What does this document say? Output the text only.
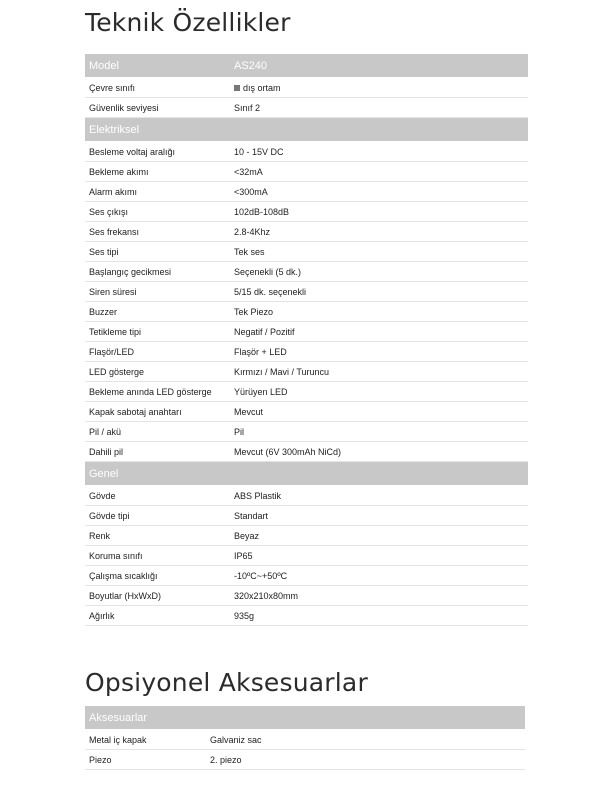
Teknik Özellikler
Model	AS240
Çevre sınıfı	dış ortam
Güvenlik seviyesi	Sınıf 2
Elektriksel	
Besleme voltaj aralığı	10 - 15V DC
Bekleme akımı	<32mA
Alarm akımı	<300mA
Ses çıkışı	102dB-108dB
Ses frekansı	2.8-4Khz
Ses tipi	Tek ses
Başlangıç gecikmesi	Seçenekli (5 dk.)
Siren süresi	5/15 dk. seçenekli
Buzzer	Tek Piezo
Tetikleme tipi	Negatif / Pozitif
Flaşör/LED	Flaşör + LED
LED gösterge	Kırmızı / Mavi / Turuncu
Bekleme anında LED gösterge	Yürüyen LED
Kapak sabotaj anahtarı	Mevcut
Pil / akü	Pil
Dahili pil	Mevcut (6V 300mAh NiCd)
Genel	
Gövde	ABS Plastik
Gövde tipi	Standart
Renk	Beyaz
Koruma sınıfı	IP65
Çalışma sıcaklığı	-10ºC~+50ºC
Boyutlar (HxWxD)	320x210x80mm
Ağırlık	935g
Opsiyonel Aksesuarlar
Aksesuarlar	
Metal iç kapak	Galvaniz sac
Piezo	2. piezo
